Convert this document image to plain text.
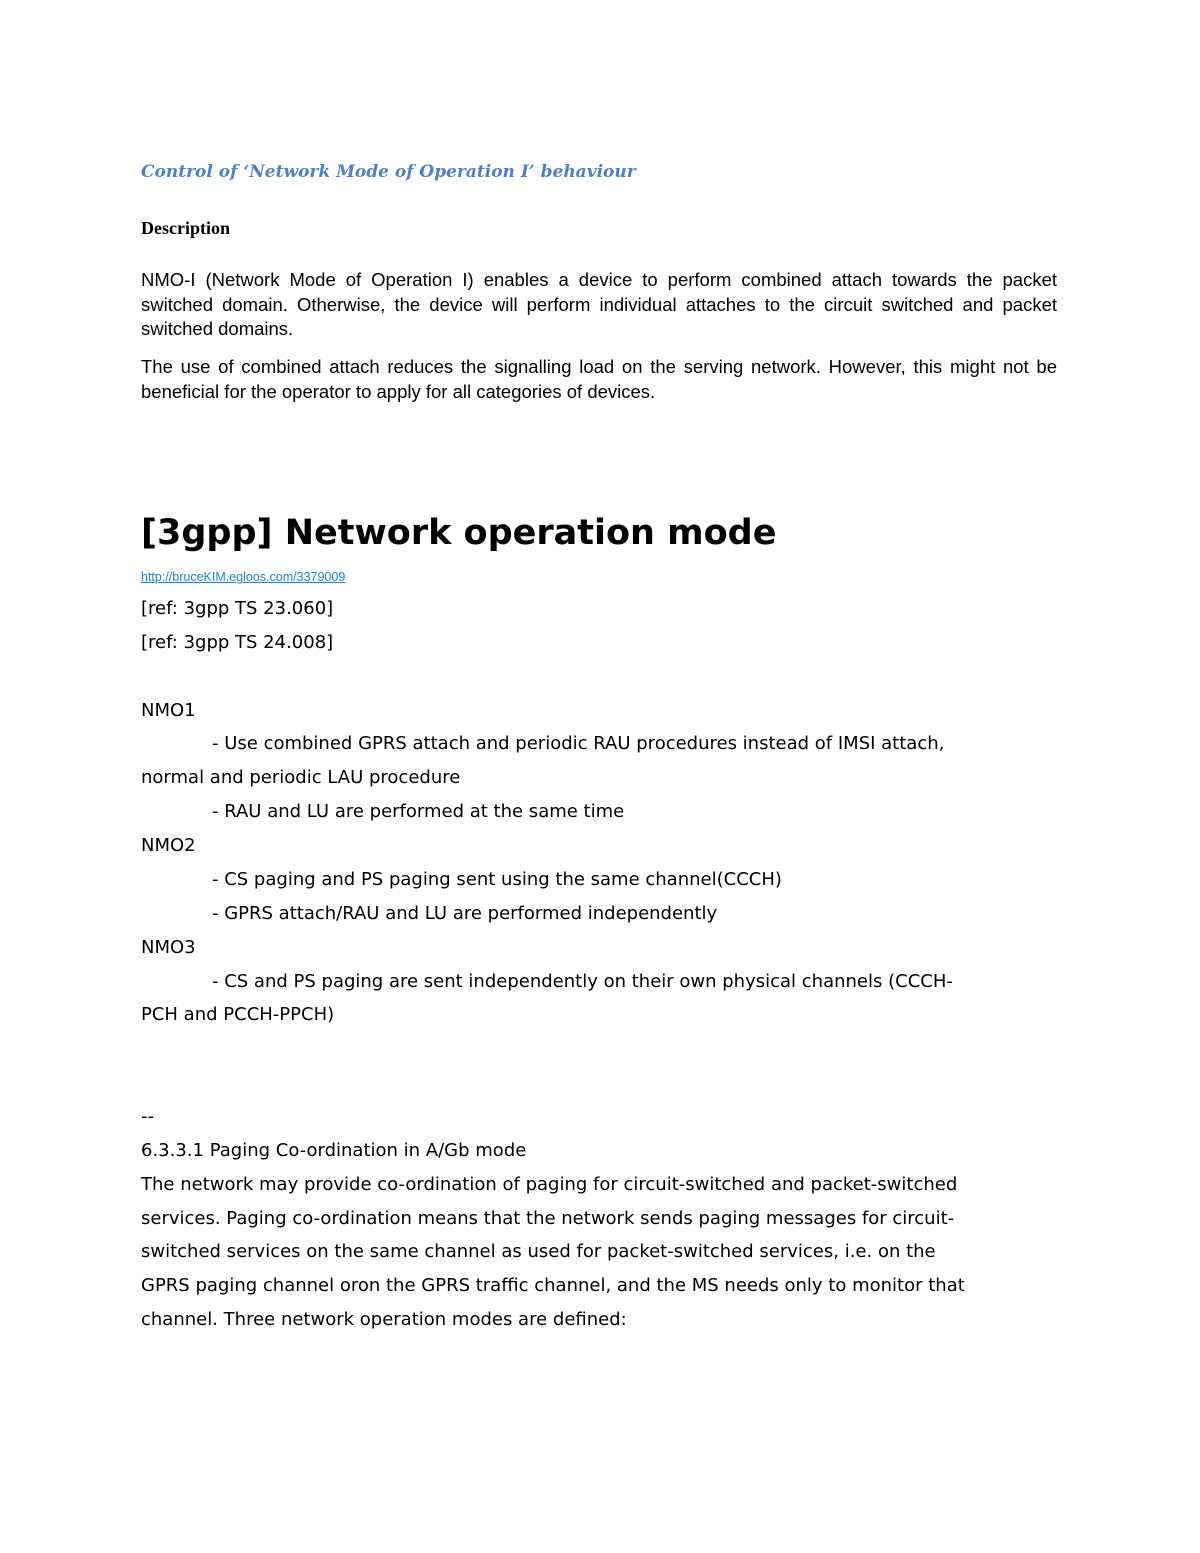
Control of ‘Network Mode of Operation I’ behaviour
Description

NMO-I (Network Mode of Operation I) enables a device to perform combined attach towards the packet switched domain. Otherwise, the device will perform individual attaches to the circuit switched and packet switched domains.

The use of combined attach reduces the signalling load on the serving network. However, this might not be beneficial for the operator to apply for all categories of devices.

[3gpp] Network operation mode
http://bruceKIM.egloos.com/3379009
[ref: 3gpp TS 23.060]
[ref: 3gpp TS 24.008]
NMO1
- Use combined GPRS attach and periodic RAU procedures instead of IMSI attach,
normal and periodic LAU procedure
- RAU and LU are performed at the same time
NMO2
- CS paging and PS paging sent using the same channel(CCCH)
- GPRS attach/RAU and LU are performed independently
NMO3
- CS and PS paging are sent independently on their own physical channels (CCCH-
PCH and PCCH-PPCH)
--
6.3.3.1 Paging Co-ordination in A/Gb mode
The network may provide co-ordination of paging for circuit-switched and packet-switched
services. Paging co-ordination means that the network sends paging messages for circuit-
switched services on the same channel as used for packet-switched services, i.e. on the
GPRS paging channel oron the GPRS traffic channel, and the MS needs only to monitor that
channel. Three network operation modes are defined:
